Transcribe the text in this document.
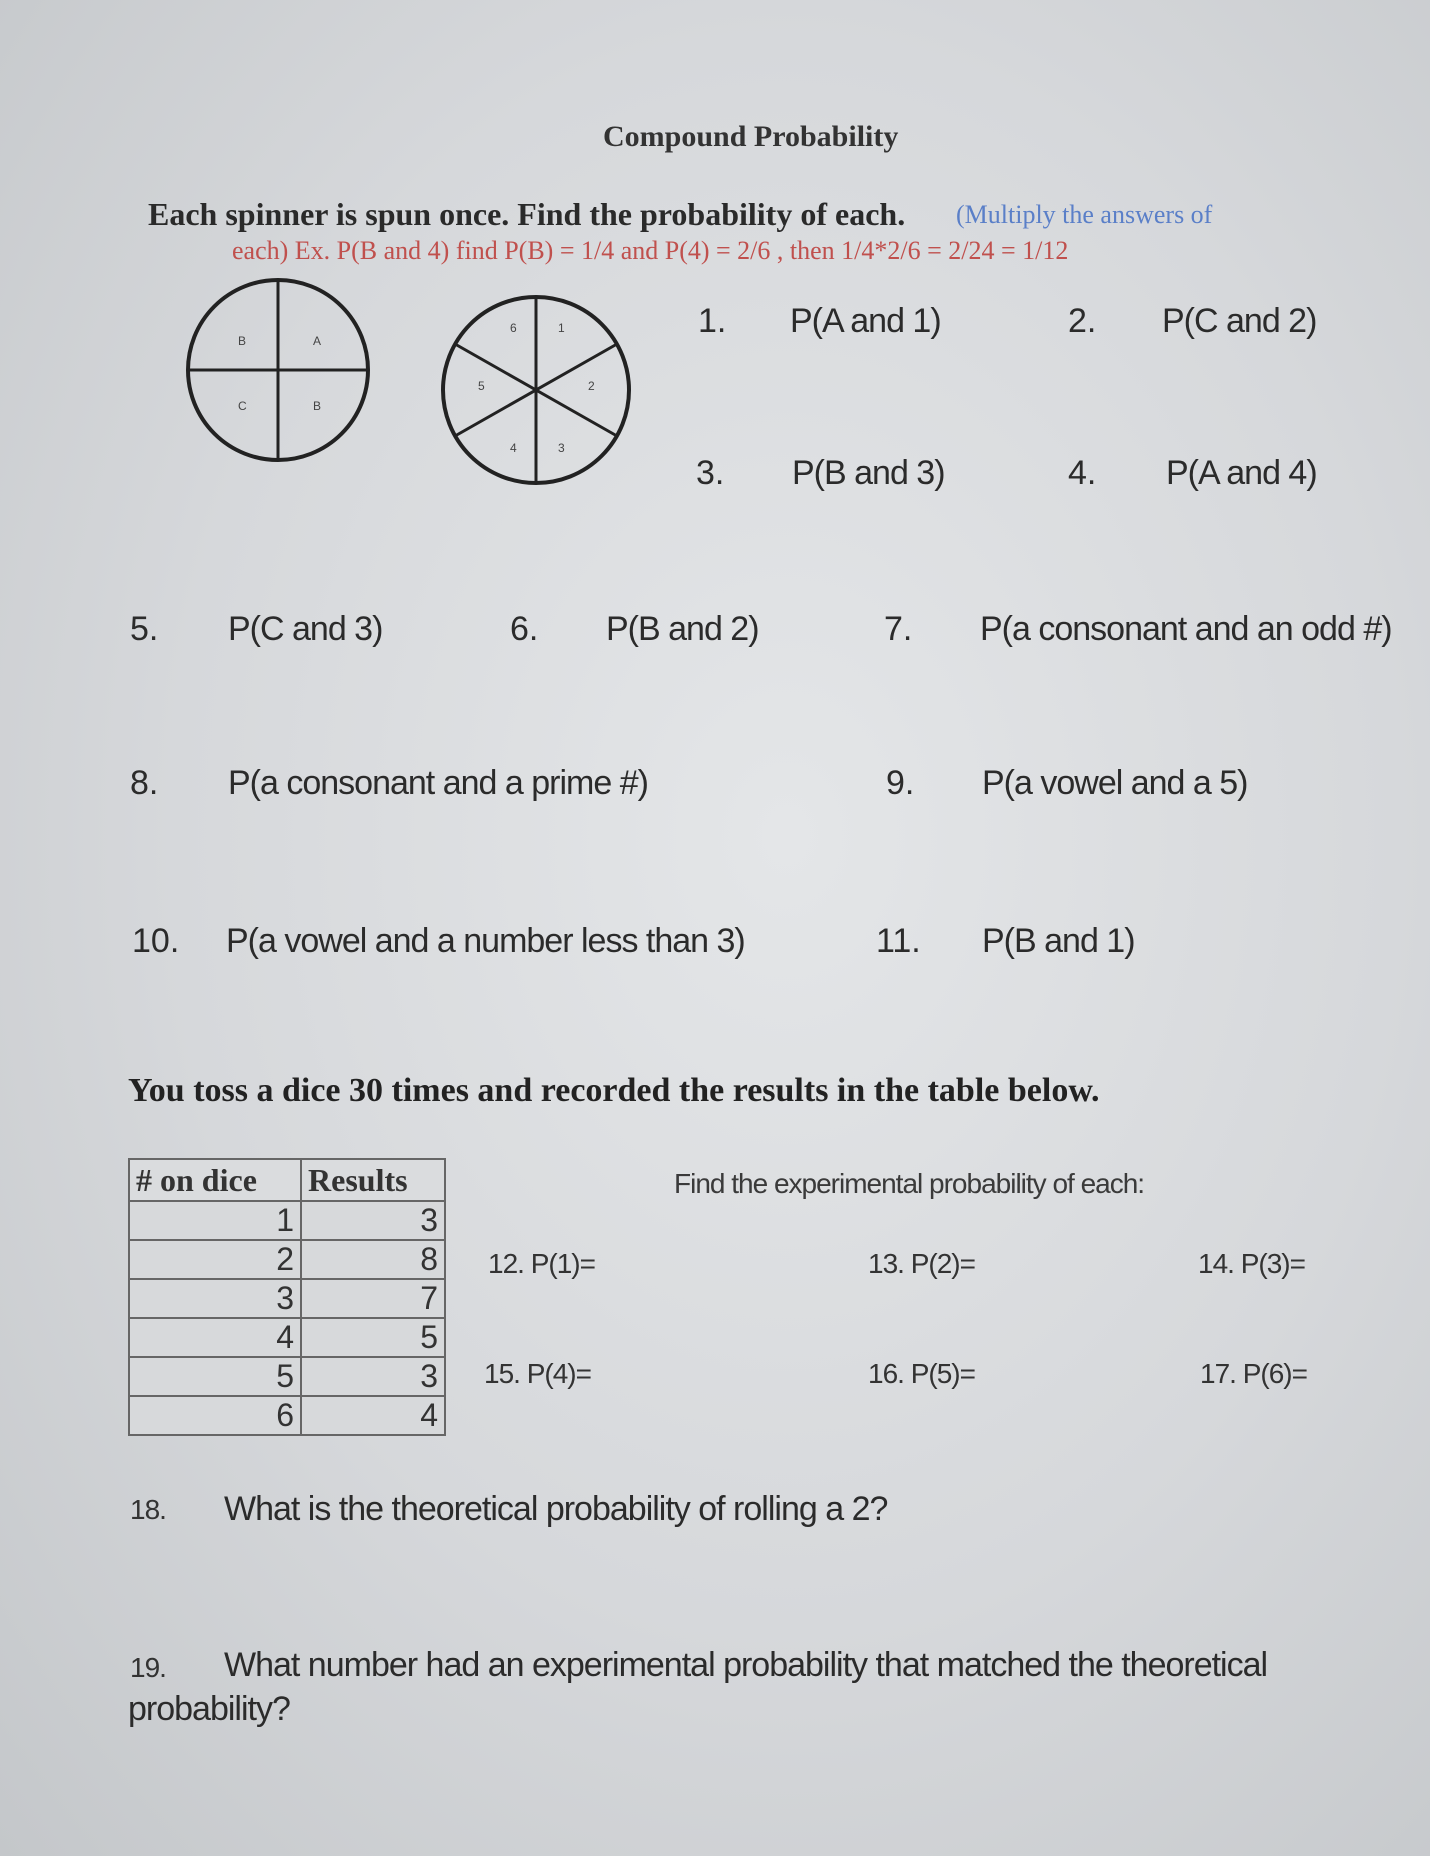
Compound Probability
Each spinner is spun once. Find the probability of each. (Multiply the answers of
each) Ex. P(B and 4) find P(B) = 1/4 and P(4) = 2/6 , then 1/4*2/6 = 2/24 = 1/12
B	A
C	B
1
2
3
4
5
6	1. P(A and 1)	2. P(C and 2)
3. P(B and 3)	4. P(A and 4)
5. P(C and 3)	6. P(B and 2)	7. P(a consonant and an odd #)
8. P(a consonant and a prime #)	9. P(a vowel and a 5)
10. P(a vowel and a number less than 3)	11. P(B and 1)
You toss a dice 30 times and recorded the results in the table below.
# on dice	Results
1	3
2	8
3	7
4	5
5	3
6	4
Find the experimental probability of each:
12. P(1)=	13. P(2)=	14. P(3)=
15. P(4)=	16. P(5)=	17. P(6)=
18. What is the theoretical probability of rolling a 2?
19. What number had an experimental probability that matched the theoretical
probability?
